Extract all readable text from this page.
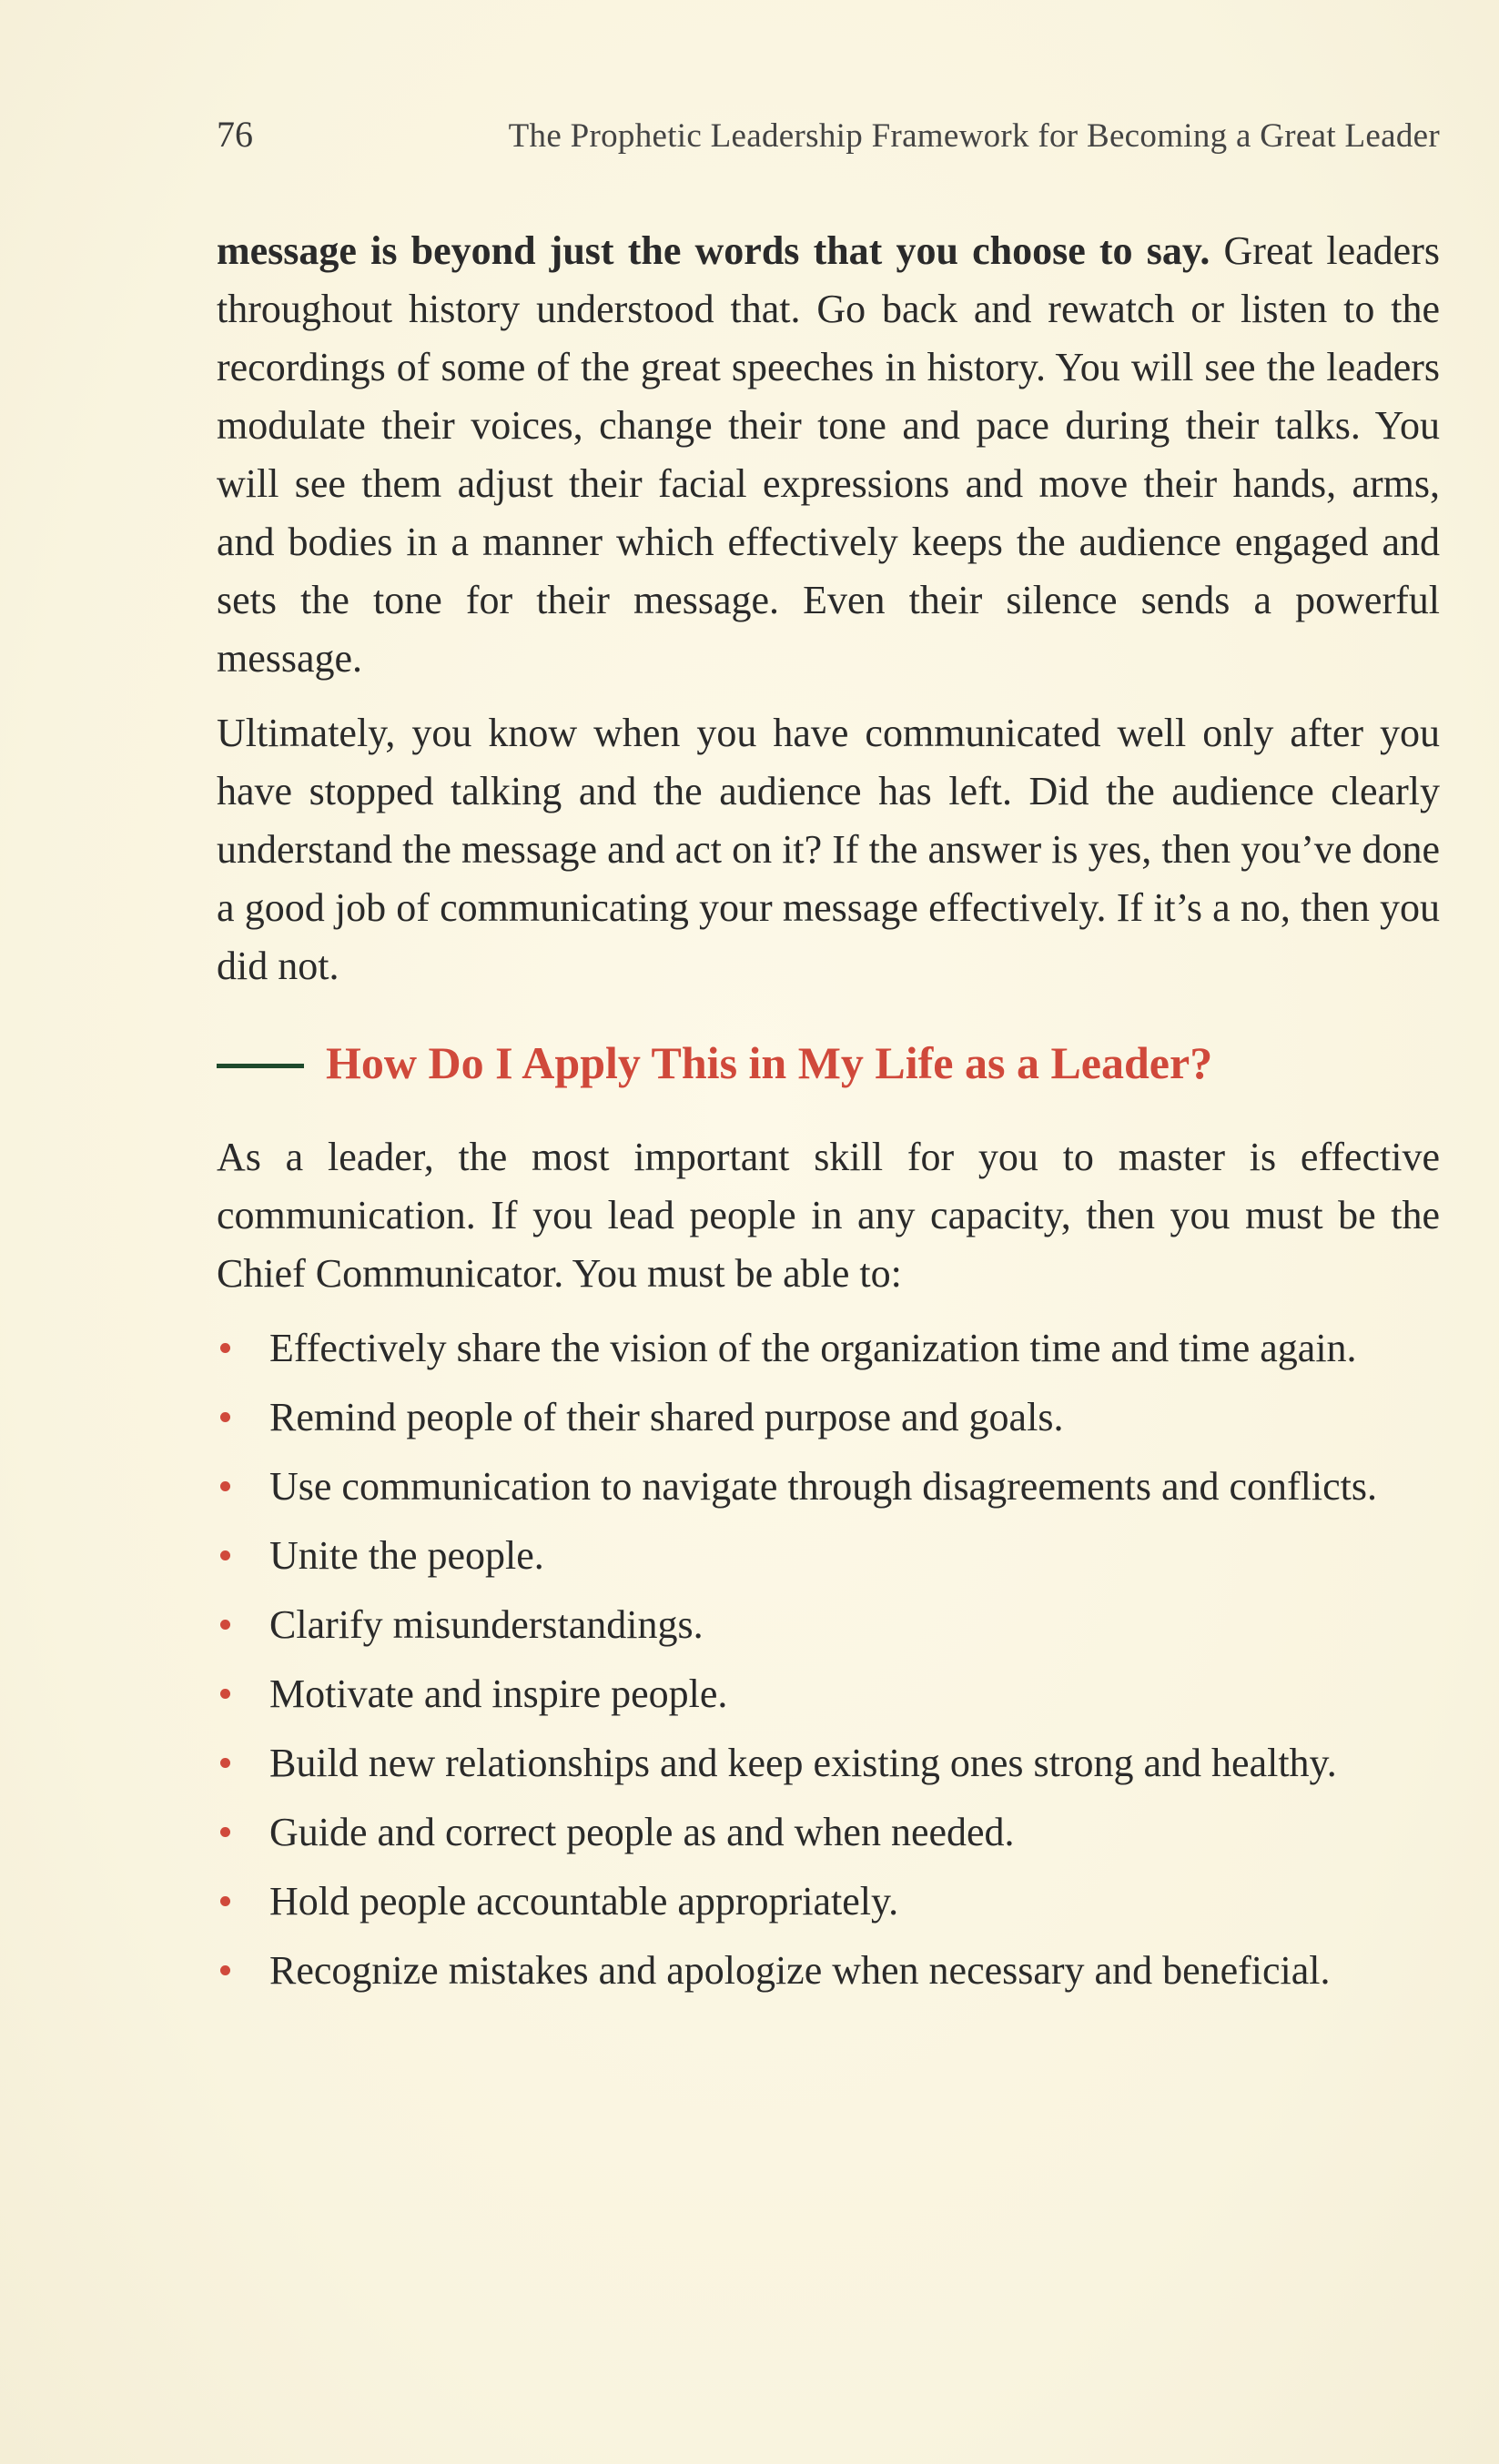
76	The Prophetic Leadership Framework for Becoming a Great Leader

message is beyond just the words that you choose to say. Great leaders throughout history understood that. Go back and rewatch or listen to the recordings of some of the great speeches in history. You will see the leaders modulate their voices, change their tone and pace during their talks. You will see them adjust their facial expressions and move their hands, arms, and bodies in a manner which effectively keeps the audience engaged and sets the tone for their message. Even their silence sends a powerful message.

Ultimately, you know when you have communicated well only after you have stopped talking and the audience has left. Did the audience clearly understand the message and act on it? If the answer is yes, then you’ve done a good job of communicating your message effectively. If it’s a no, then you did not.

How Do I Apply This in My Life as a Leader?

As a leader, the most important skill for you to master is effective communication. If you lead people in any capacity, then you must be the Chief Communicator. You must be able to:

Effectively share the vision of the organization time and time again.
Remind people of their shared purpose and goals.
Use communication to navigate through disagreements and conflicts.
Unite the people.
Clarify misunderstandings.
Motivate and inspire people.
Build new relationships and keep existing ones strong and healthy.
Guide and correct people as and when needed.
Hold people accountable appropriately.
Recognize mistakes and apologize when necessary and beneficial.
